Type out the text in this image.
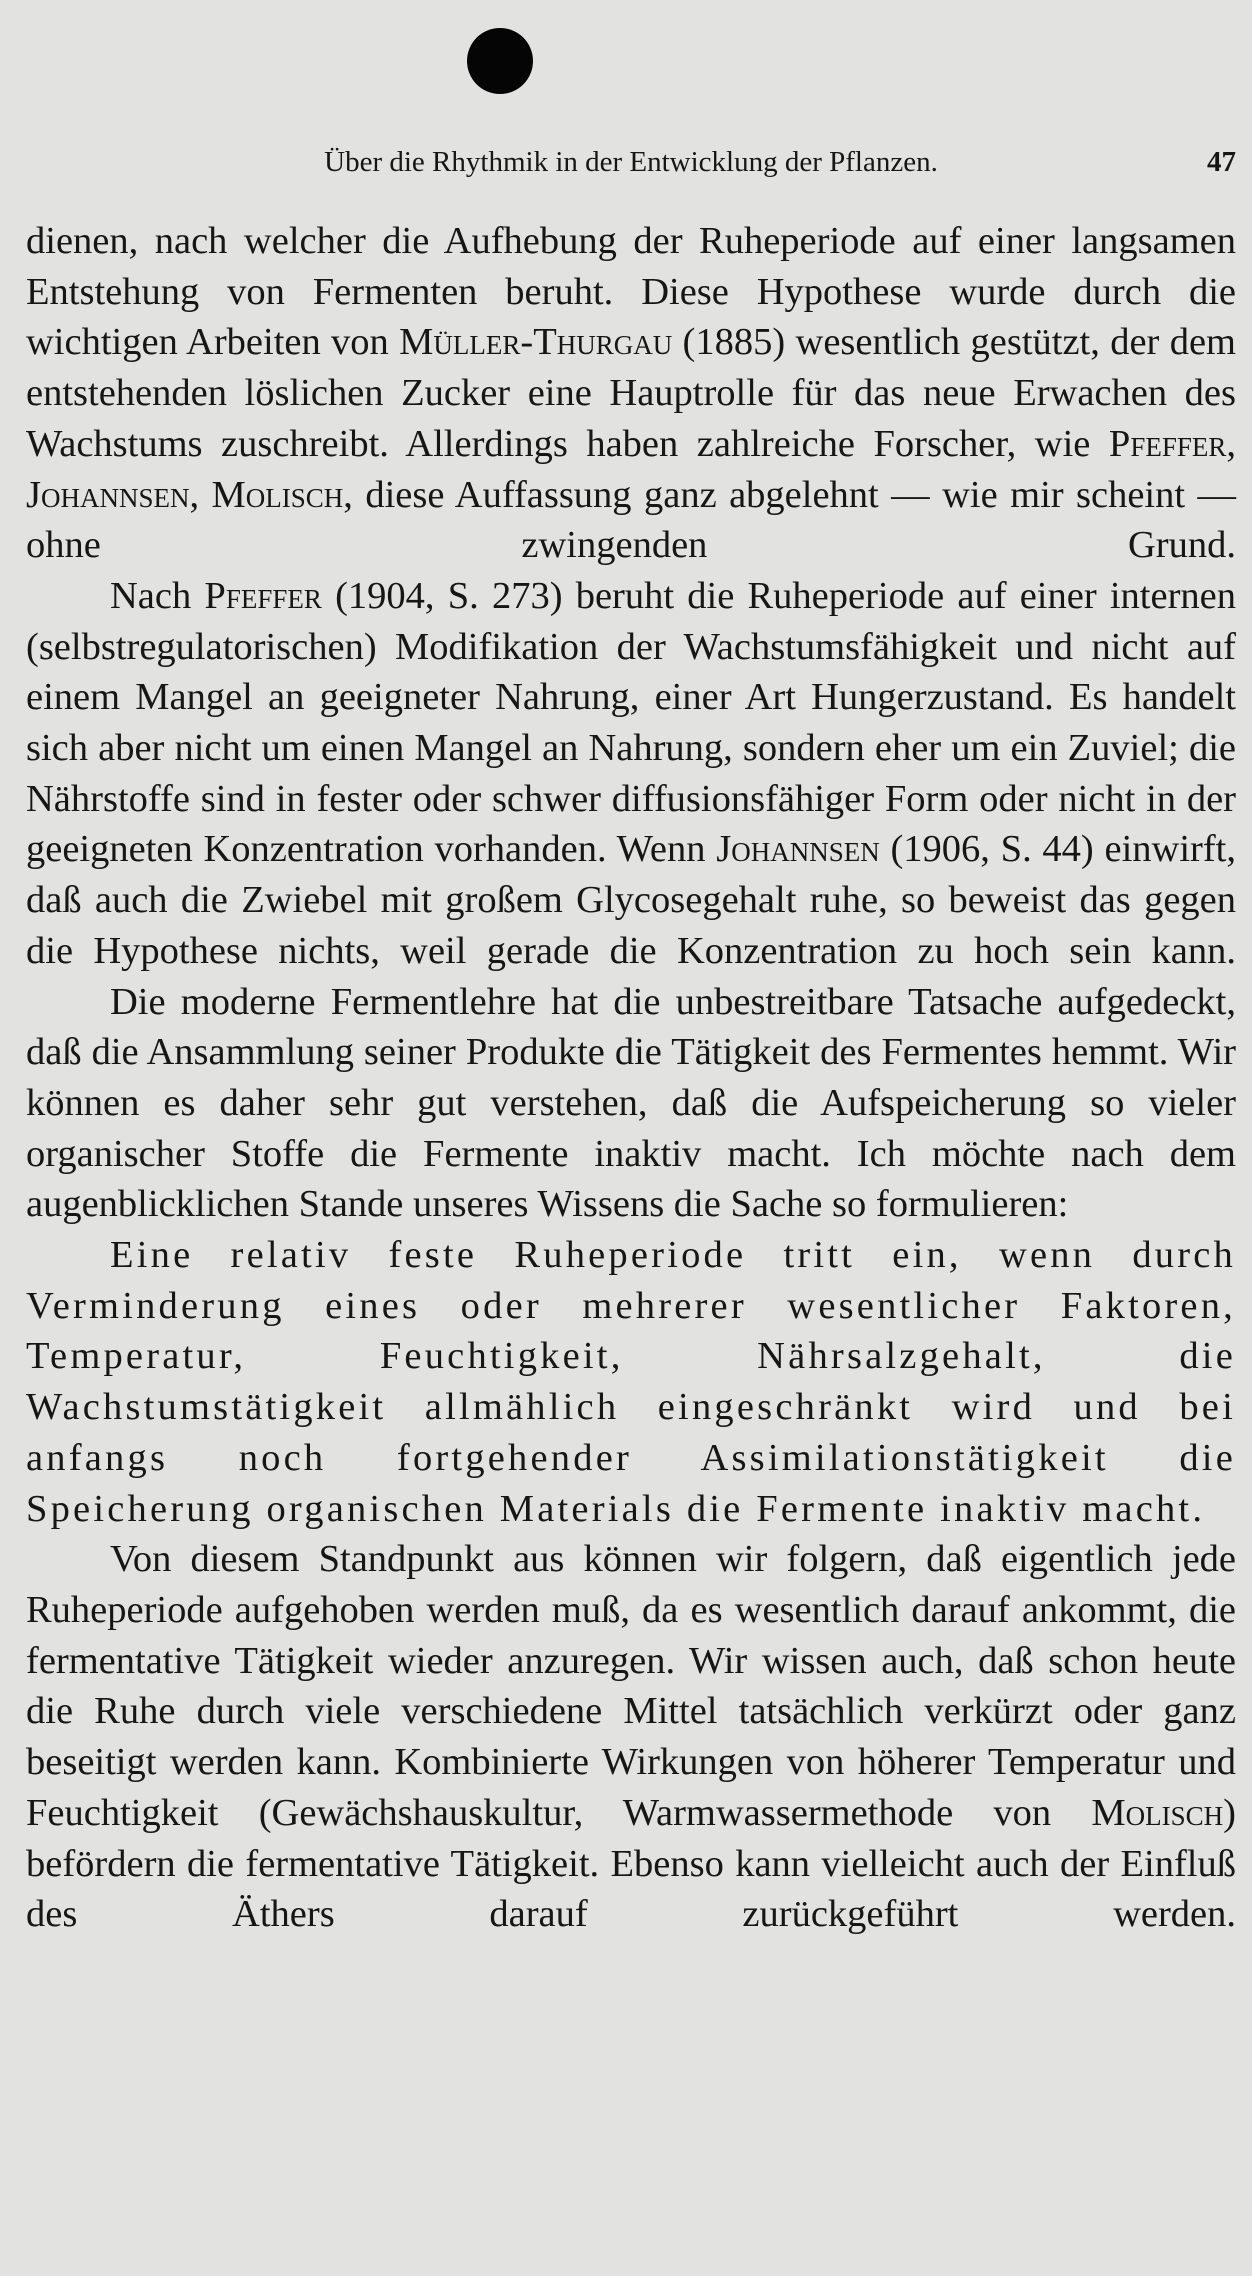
Über die Rhythmik in der Entwicklung der Pflanzen.	47

dienen, nach welcher die Aufhebung der Ruheperiode auf einer langsamen Entstehung von Fermenten beruht. Diese Hypothese wurde durch die wichtigen Arbeiten von Müller-Thurgau (1885) wesentlich gestützt, der dem entstehenden löslichen Zucker eine Hauptrolle für das neue Erwachen des Wachstums zuschreibt. Allerdings haben zahlreiche Forscher, wie Pfeffer, Johannsen, Molisch, diese Auffassung ganz abgelehnt — wie mir scheint — ohne zwingenden Grund.

Nach Pfeffer (1904, S. 273) beruht die Ruheperiode auf einer internen (selbstregulatorischen) Modifikation der Wachstumsfähigkeit und nicht auf einem Mangel an geeigneter Nahrung, einer Art Hungerzustand. Es handelt sich aber nicht um einen Mangel an Nahrung, sondern eher um ein Zuviel; die Nährstoffe sind in fester oder schwer diffusionsfähiger Form oder nicht in der geeigneten Konzentration vorhanden. Wenn Johannsen (1906, S. 44) einwirft, daß auch die Zwiebel mit großem Glycosegehalt ruhe, so beweist das gegen die Hypothese nichts, weil gerade die Konzentration zu hoch sein kann.

Die moderne Fermentlehre hat die unbestreitbare Tatsache aufgedeckt, daß die Ansammlung seiner Produkte die Tätigkeit des Fermentes hemmt. Wir können es daher sehr gut verstehen, daß die Aufspeicherung so vieler organischer Stoffe die Fermente inaktiv macht. Ich möchte nach dem augenblicklichen Stande unseres Wissens die Sache so formulieren:

Eine relativ feste Ruheperiode tritt ein, wenn durch Verminderung eines oder mehrerer wesentlicher Faktoren, Temperatur, Feuchtigkeit, Nährsalzgehalt, die Wachstumstätigkeit allmählich eingeschränkt wird und bei anfangs noch fortgehender Assimilationstätigkeit die Speicherung organischen Materials die Fermente inaktiv macht.

Von diesem Standpunkt aus können wir folgern, daß eigentlich jede Ruheperiode aufgehoben werden muß, da es wesentlich darauf ankommt, die fermentative Tätigkeit wieder anzuregen. Wir wissen auch, daß schon heute die Ruhe durch viele verschiedene Mittel tatsächlich verkürzt oder ganz beseitigt werden kann. Kombinierte Wirkungen von höherer Temperatur und Feuchtigkeit (Gewächshauskultur, Warmwassermethode von Molisch) befördern die fermentative Tätigkeit. Ebenso kann vielleicht auch der Einfluß des Äthers darauf zurückgeführt werden.
